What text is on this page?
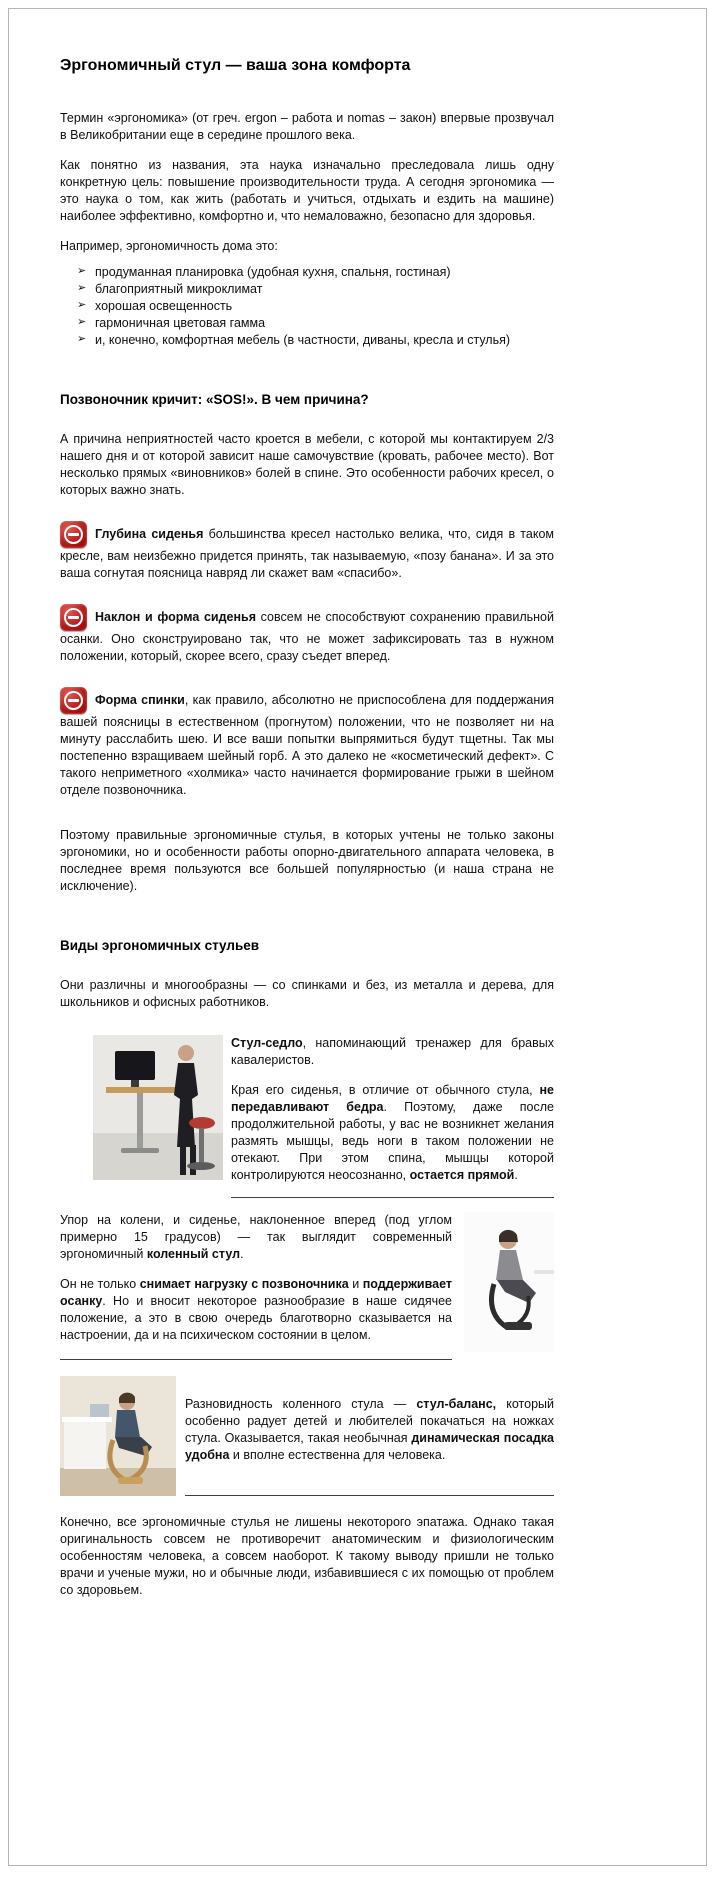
Эргономичный стул — ваша зона комфорта

Термин «эргономика» (от греч. ergon – работа и nomas – закон) впервые прозвучал в Великобритании еще в середине прошлого века.

Как понятно из названия, эта наука изначально преследовала лишь одну конкретную цель: повышение производительности труда. А сегодня эргономика — это наука о том, как жить (работать и учиться, отдыхать и ездить на машине) наиболее эффективно, комфортно и, что немаловажно, безопасно для здоровья.

Например, эргономичность дома это:

➢ продуманная планировка (удобная кухня, спальня, гостиная)
➢ благоприятный микроклимат
➢ хорошая освещенность
➢ гармоничная цветовая гамма
➢ и, конечно, комфортная мебель (в частности, диваны, кресла и стулья)
Позвоночник кричит: «SOS!». В чем причина?

А причина неприятностей часто кроется в мебели, с которой мы контактируем 2/3 нашего дня и от которой зависит наше самочувствие (кровать, рабочее место). Вот несколько прямых «виновников» болей в спине. Это особенности рабочих кресел, о которых важно знать.

Глубина сиденья большинства кресел настолько велика, что, сидя в таком кресле, вам неизбежно придется принять, так называемую, «позу банана». И за это ваша согнутая поясница навряд ли скажет вам «спасибо».

Наклон и форма сиденья совсем не способствуют сохранению правильной осанки. Оно сконструировано так, что не может зафиксировать таз в нужном положении, который, скорее всего, сразу съедет вперед.

Форма спинки, как правило, абсолютно не приспособлена для поддержания вашей поясницы в естественном (прогнутом) положении, что не позволяет ни на минуту расслабить шею. И все ваши попытки выпрямиться будут тщетны. Так мы постепенно взращиваем шейный горб. А это далеко не «косметический дефект». С такого неприметного «холмика» часто начинается формирование грыжи в шейном отделе позвоночника.

Поэтому правильные эргономичные стулья, в которых учтены не только законы эргономики, но и особенности работы опорно-двигательного аппарата человека, в последнее время пользуются все большей популярностью (и наша страна не исключение).

Виды эргономичных стульев

Они различны и многообразны — со спинками и без, из металла и дерева, для школьников и офисных работников.

Стул-седло, напоминающий тренажер для бравых кавалеристов.

Края его сиденья, в отличие от обычного стула, не передавливают бедра. Поэтому, даже после продолжительной работы, у вас не возникнет желания размять мышцы, ведь ноги в таком положении не отекают. При этом спина, мышцы которой контролируются неосознанно, остается прямой.

Упор на колени, и сиденье, наклоненное вперед (под углом примерно 15 градусов) — так выглядит современный эргономичный коленный стул.

Он не только снимает нагрузку с позвоночника и поддерживает осанку. Но и вносит некоторое разнообразие в наше сидячее положение, а это в свою очередь благотворно сказывается на настроении, да и на психическом состоянии в целом.

Разновидность коленного стула — стул-баланс, который особенно радует детей и любителей покачаться на ножках стула. Оказывается, такая необычная динамическая посадка удобна и вполне естественна для человека.

Конечно, все эргономичные стулья не лишены некоторого эпатажа. Однако такая оригинальность совсем не противоречит анатомическим и физиологическим особенностям человека, а совсем наоборот. К такому выводу пришли не только врачи и ученые мужи, но и обычные люди, избавившиеся с их помощью от проблем со здоровьем.
